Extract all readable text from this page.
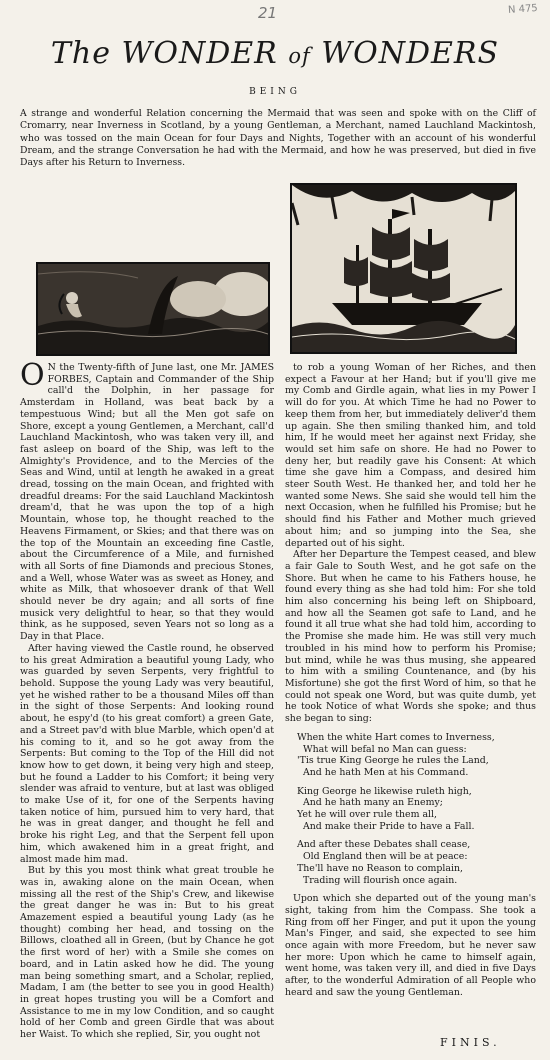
21	N 475
The WONDER of WONDERS
BEING

A strange and wonderful Relation concerning the Mermaid that was seen and spoke with on the Cliff of Cromarry, near Inverness in Scotland, by a young Gentleman, a Merchant, named Lauchland Mackintosh, who was tossed on the main Ocean for four Days and Nights, Together with an account of his wonderful Dream, and the strange Conversation he had with the Mermaid, and how he was preserved, but died in five Days after his Return to Inverness.

O N the Twenty-fifth of June last, one Mr. JAMES FORBES, Captain and Commander of the Ship call'd the Dolphin, in her passage for Amsterdam in Holland, was beat back by a tempestuous Wind; but all the Men got safe on Shore, except a young Gentlemen, a Merchant, call'd Lauchland Mackintosh, who was taken very ill, and fast asleep on board of the Ship, was left to the Almighty's Providence, and to the Mercies of the Seas and Wind, until at length he awaked in a great dread, tossing on the main Ocean, and frighted with dreadful dreams: For the said Lauchland Mackintosh dream'd, that he was upon the top of a high Mountain, whose top, he thought reached to the Heavens Firmament, or Skies; and that there was on the top of the Mountain an exceeding fine Castle, about the Circumference of a Mile, and furnished with all Sorts of fine Diamonds and precious Stones, and a Well, whose Water was as sweet as Honey, and white as Milk, that whosoever drank of that Well should never be dry again; and all sorts of fine musick very delightful to hear, so that they would think, as he supposed, seven Years not so long as a Day in that Place.

After having viewed the Castle round, he observed to his great Admiration a beautiful young Lady, who was guarded by seven Serpents, very frightful to behold. Suppose the young Lady was very beautiful, yet he wished rather to be a thousand Miles off than in the sight of those Serpents: And looking round about, he espy'd (to his great comfort) a green Gate, and a Street pav'd with blue Marble, which open'd at his coming to it, and so he got away from the Serpents: But coming to the Top of the Hill did not know how to get down, it being very high and steep, but he found a Ladder to his Comfort; it being very slender was afraid to venture, but at last was obliged to make Use of it, for one of the Serpents having taken notice of him, pursued him to very hard, that he was in great danger, and thought he fell and broke his right Leg, and that the Serpent fell upon him, which awakened him in a great fright, and almost made him mad.

But by this you most think what great trouble he was in, awaking alone on the main Ocean, when missing all the rest of the Ship's Crew, and likewise the great danger he was in: But to his great Amazement espied a beautiful young Lady (as he thought) combing her head, and tossing on the Billows, cloathed all in Green, (but by Chance he got the first word of her) with a Smile she comes on board, and in Latin asked how he did. The young man being something smart, and a Scholar, replied, Madam, I am (the better to see you in good Health) in great hopes trusting you will be a Comfort and Assistance to me in my low Condition, and so caught hold of her Comb and green Girdle that was about her Waist. To which she replied, Sir, you ought not

to rob a young Woman of her Riches, and then expect a Favour at her Hand; but if you'll give me my Comb and Girdle again, what lies in my Power I will do for you. At which Time he had no Power to keep them from her, but immediately deliver'd them up again. She then smiling thanked him, and told him, If he would meet her against next Friday, she would set him safe on shore. He had no Power to deny her, but readily gave his Consent: At which time she gave him a Compass, and desired him steer South West. He thanked her, and told her he wanted some News. She said she would tell him the next Occasion, when he fulfilled his Promise; but he should find his Father and Mother much grieved about him; and so jumping into the Sea, she departed out of his sight.

After her Departure the Tempest ceased, and blew a fair Gale to South West, and he got safe on the Shore. But when he came to his Fathers house, he found every thing as she had told him: For she told him also concerning his being left on Shipboard, and how all the Seamen got safe to Land, and he found it all true what she had told him, according to the Promise she made him. He was still very much troubled in his mind how to perform his Promise; but mind, while he was thus musing, she appeared to him with a smiling Countenance, and (by his Misfortune) she got the first Word of him, so that he could not speak one Word, but was quite dumb, yet he took Notice of what Words she spoke; and thus she began to sing:

When the white Hart comes to Inverness,
What will befal no Man can guess:
'Tis true King George he rules the Land,
And he hath Men at his Command.
King George he likewise ruleth high,
And he hath many an Enemy;
Yet he will over rule them all,
And make their Pride to have a Fall.
And after these Debates shall cease,
Old England then will be at peace:
The'll have no Reason to complain,
Trading will flourish once again.

Upon which she departed out of the young man's sight, taking from him the Compass. She took a Ring from off her Finger, and put it upon the young Man's Finger, and said, she expected to see him once again with more Freedom, but he never saw her more: Upon which he came to himself again, went home, was taken very ill, and died in five Days after, to the wonderful Admiration of all People who heard and saw the young Gentleman.

FINIS.
